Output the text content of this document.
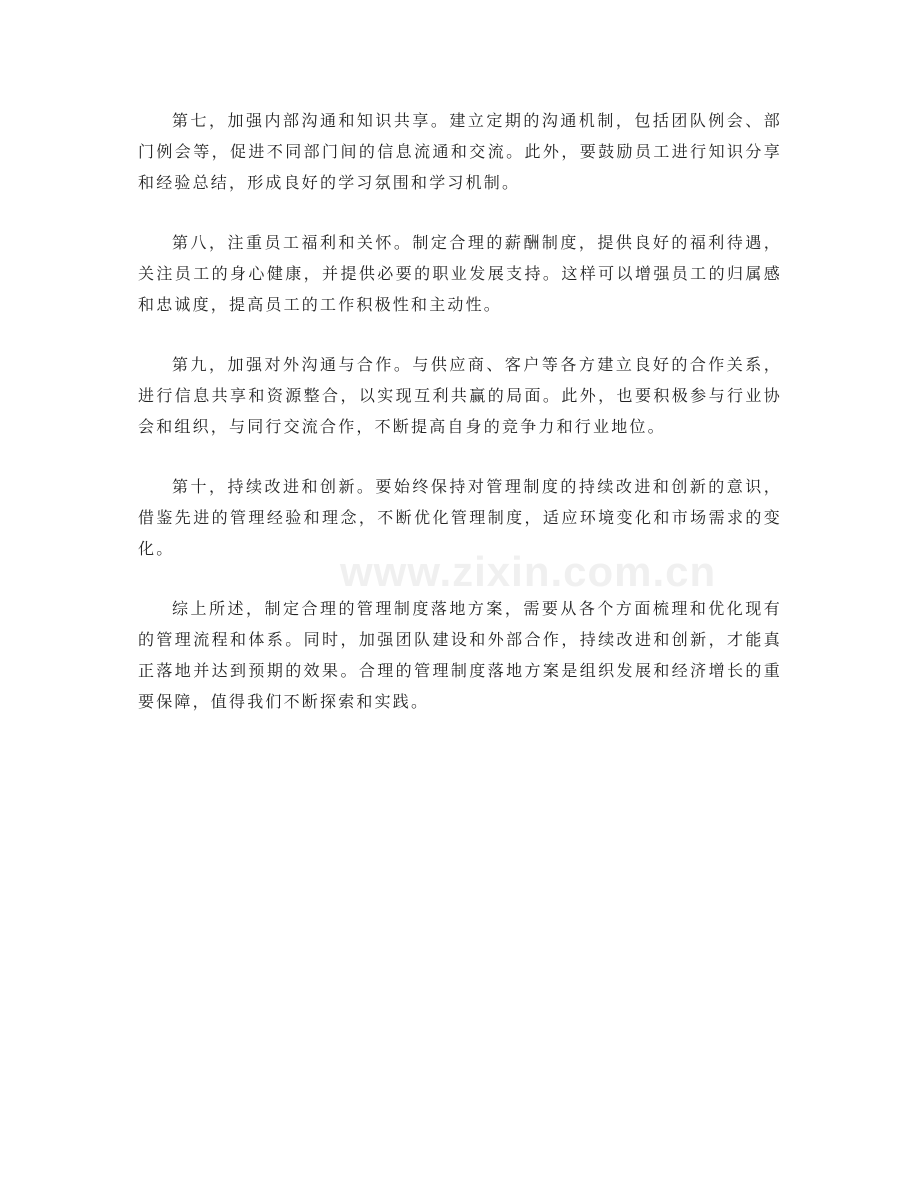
第七，加强内部沟通和知识共享。建立定期的沟通机制，包括团队例会、部门例会等，促进不同部门间的信息流通和交流。此外，要鼓励员工进行知识分享和经验总结，形成良好的学习氛围和学习机制。

第八，注重员工福利和关怀。制定合理的薪酬制度，提供良好的福利待遇，关注员工的身心健康，并提供必要的职业发展支持。这样可以增强员工的归属感和忠诚度，提高员工的工作积极性和主动性。

第九，加强对外沟通与合作。与供应商、客户等各方建立良好的合作关系，进行信息共享和资源整合，以实现互利共赢的局面。此外，也要积极参与行业协会和组织，与同行交流合作，不断提高自身的竞争力和行业地位。

第十，持续改进和创新。要始终保持对管理制度的持续改进和创新的意识，借鉴先进的管理经验和理念，不断优化管理制度，适应环境变化和市场需求的变化。

综上所述，制定合理的管理制度落地方案，需要从各个方面梳理和优化现有的管理流程和体系。同时，加强团队建设和外部合作，持续改进和创新，才能真正落地并达到预期的效果。合理的管理制度落地方案是组织发展和经济增长的重要保障，值得我们不断探索和实践。

www.zixin.com.cn
